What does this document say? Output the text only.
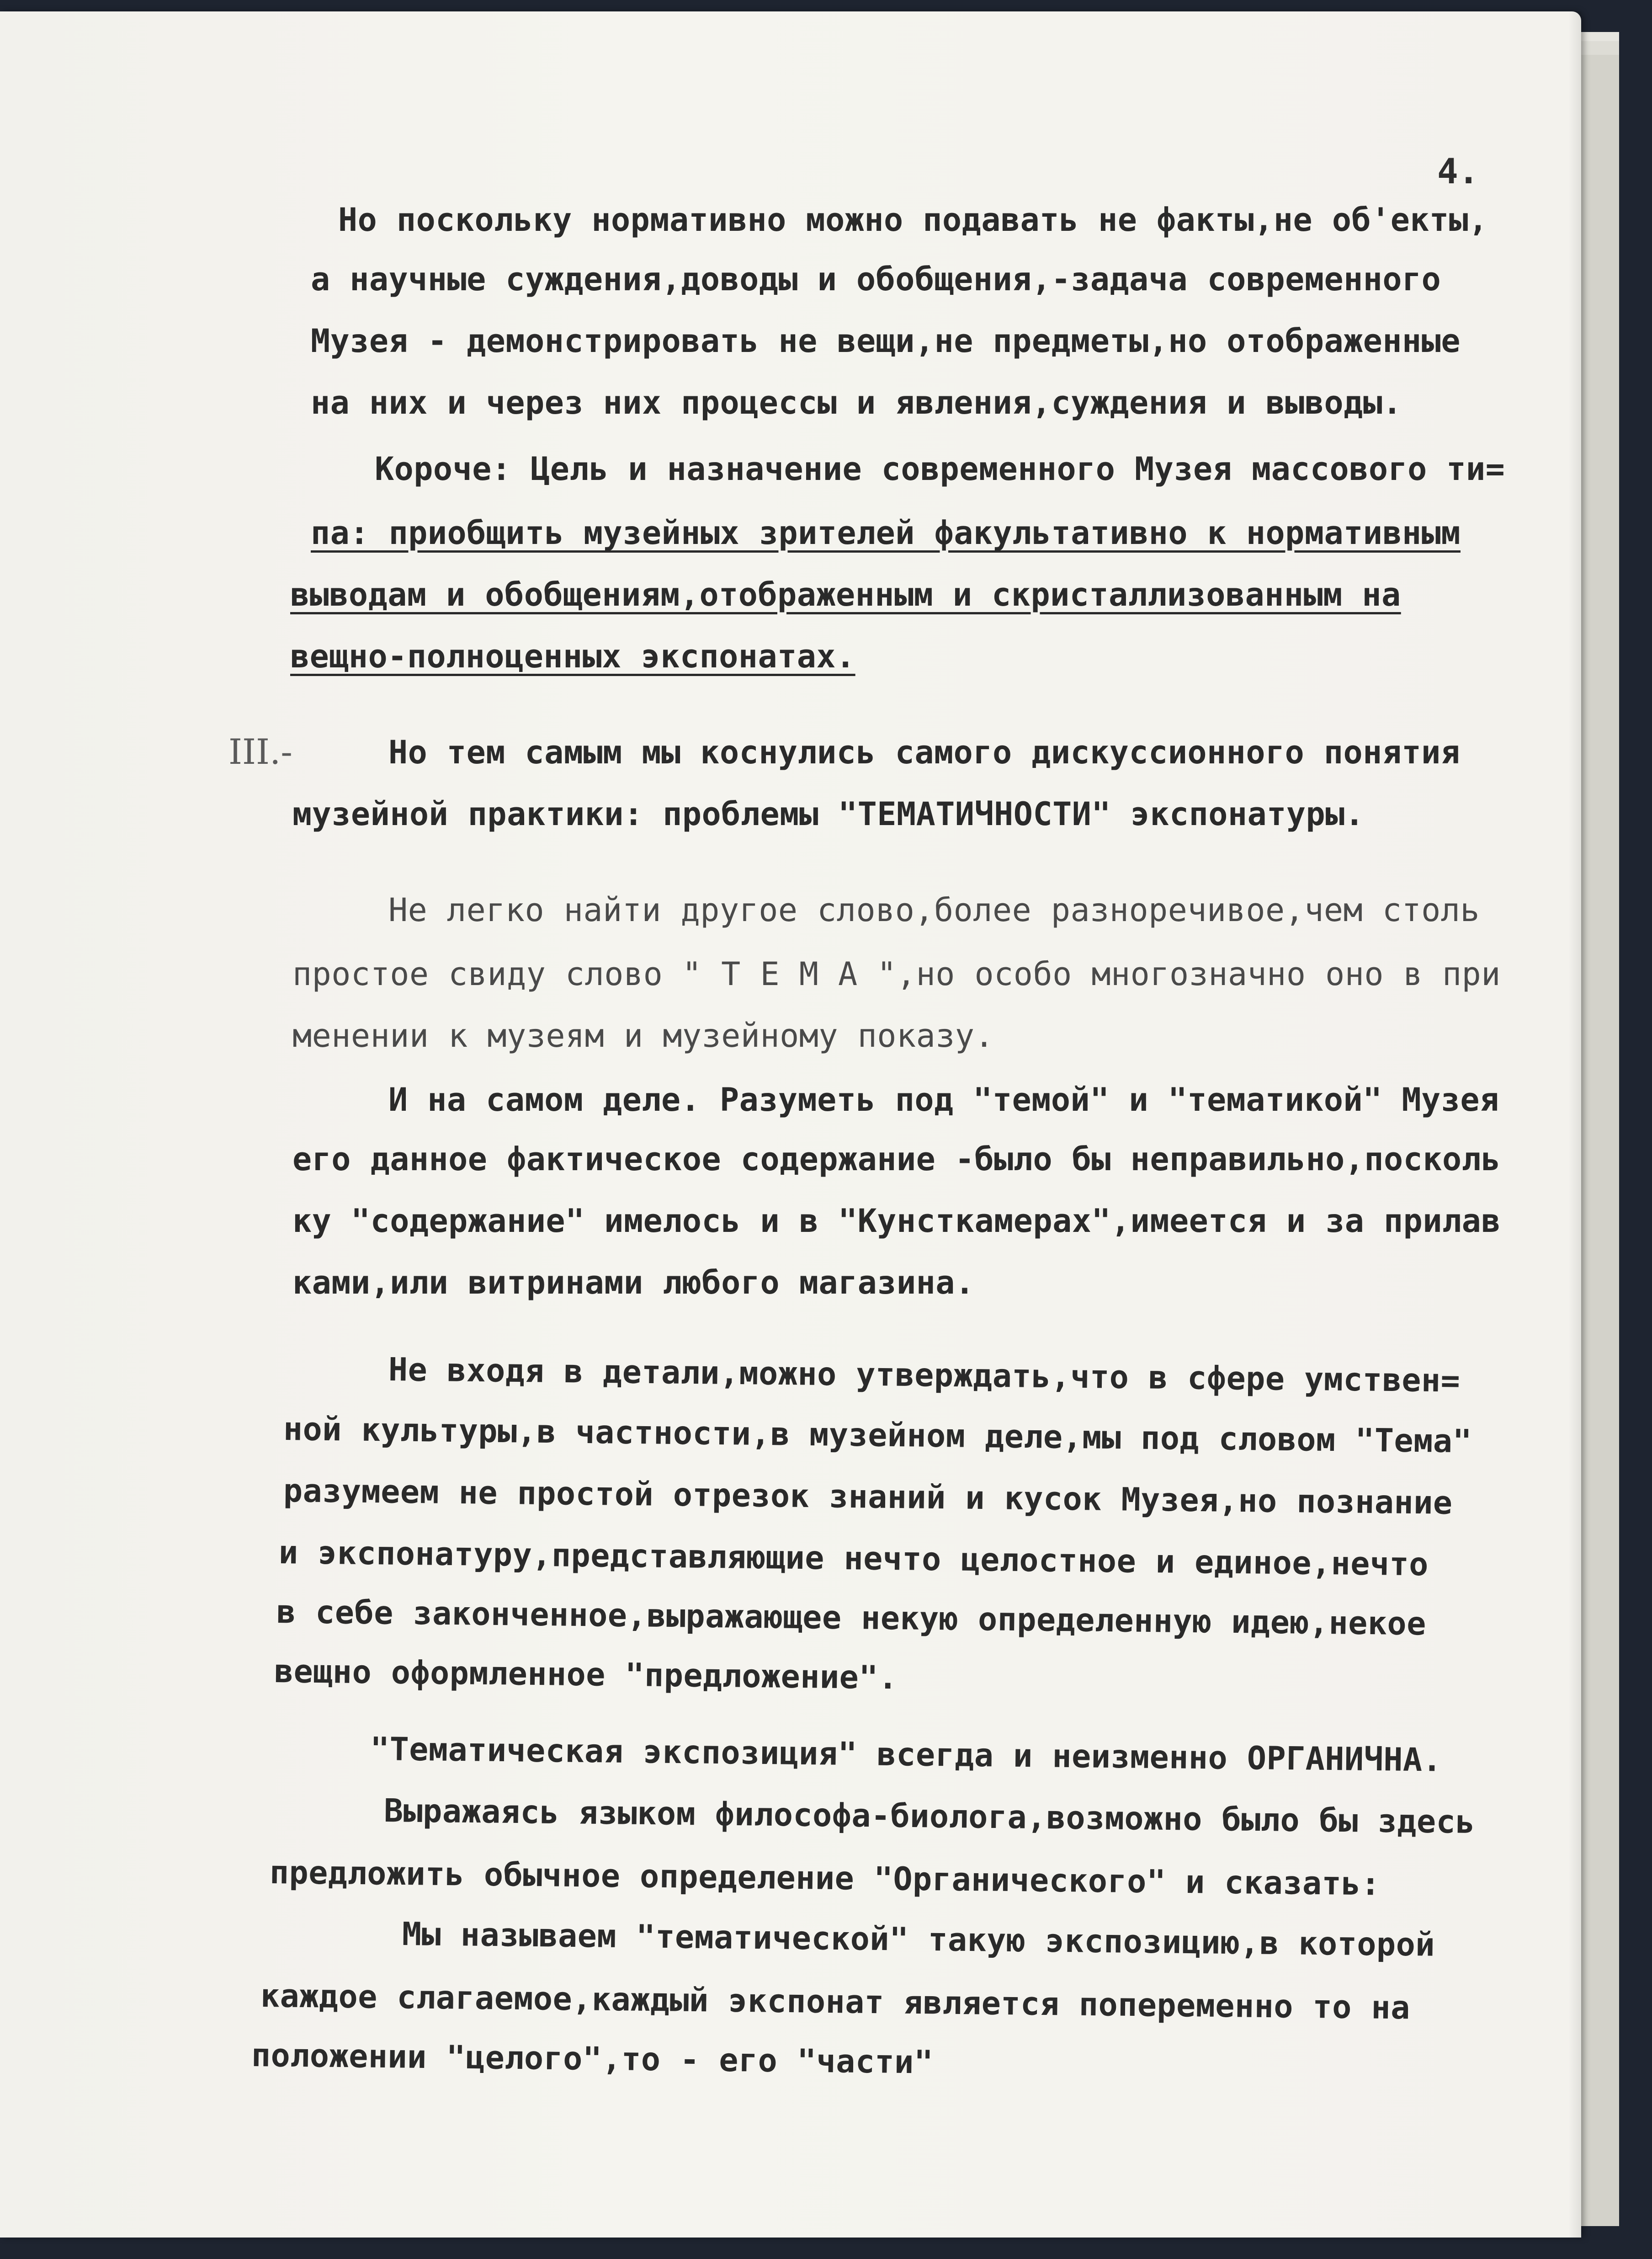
4.
III.-
Но поскольку нормативно можно подавать не факты,не об'екты,
а научные суждения,доводы и обобщения,-задача современного
Музея - демонстрировать не вещи,не предметы,но отображенные
на них и через них процессы и явления,суждения и выводы.
Короче: Цель и назначение современного Музея массового ти=
па: приобщить музейных зрителей факультативно к нормативным
выводам и обобщениям,отображенным и скристаллизованным на
вещно-полноценных экспонатах.
Но тем самым мы коснулись самого дискуссионного понятия
музейной практики: проблемы "ТЕМАТИЧНОСТИ" экспонатуры.
Не легко найти другое слово,более разноречивое,чем столь
простое свиду слово " Т Е М А ",но особо многозначно оно в при
менении к музеям и музейному показу.
И на самом деле. Разуметь под "темой" и "тематикой" Музея
его данное фактическое содержание -было бы неправильно,посколь
ку "содержание" имелось и в "Кунсткамерах",имеется и за прилав
ками,или витринами любого магазина.
Не входя в детали,можно утверждать,что в сфере умствен=
ной культуры,в частности,в музейном деле,мы под словом "Тема"
разумеем не простой отрезок знаний и кусок Музея,но познание
и экспонатуру,представляющие нечто целостное и единое,нечто
в себе законченное,выражающее некую определенную идею,некое
вещно оформленное "предложение".
"Тематическая экспозиция" всегда и неизменно ОРГАНИЧНА.
Выражаясь языком философа-биолога,возможно было бы здесь
предложить обычное определение "Органического" и сказать:
Мы называем "тематической" такую экспозицию,в которой
каждое слагаемое,каждый экспонат является попеременно то на
положении "целого",то - его "части"
